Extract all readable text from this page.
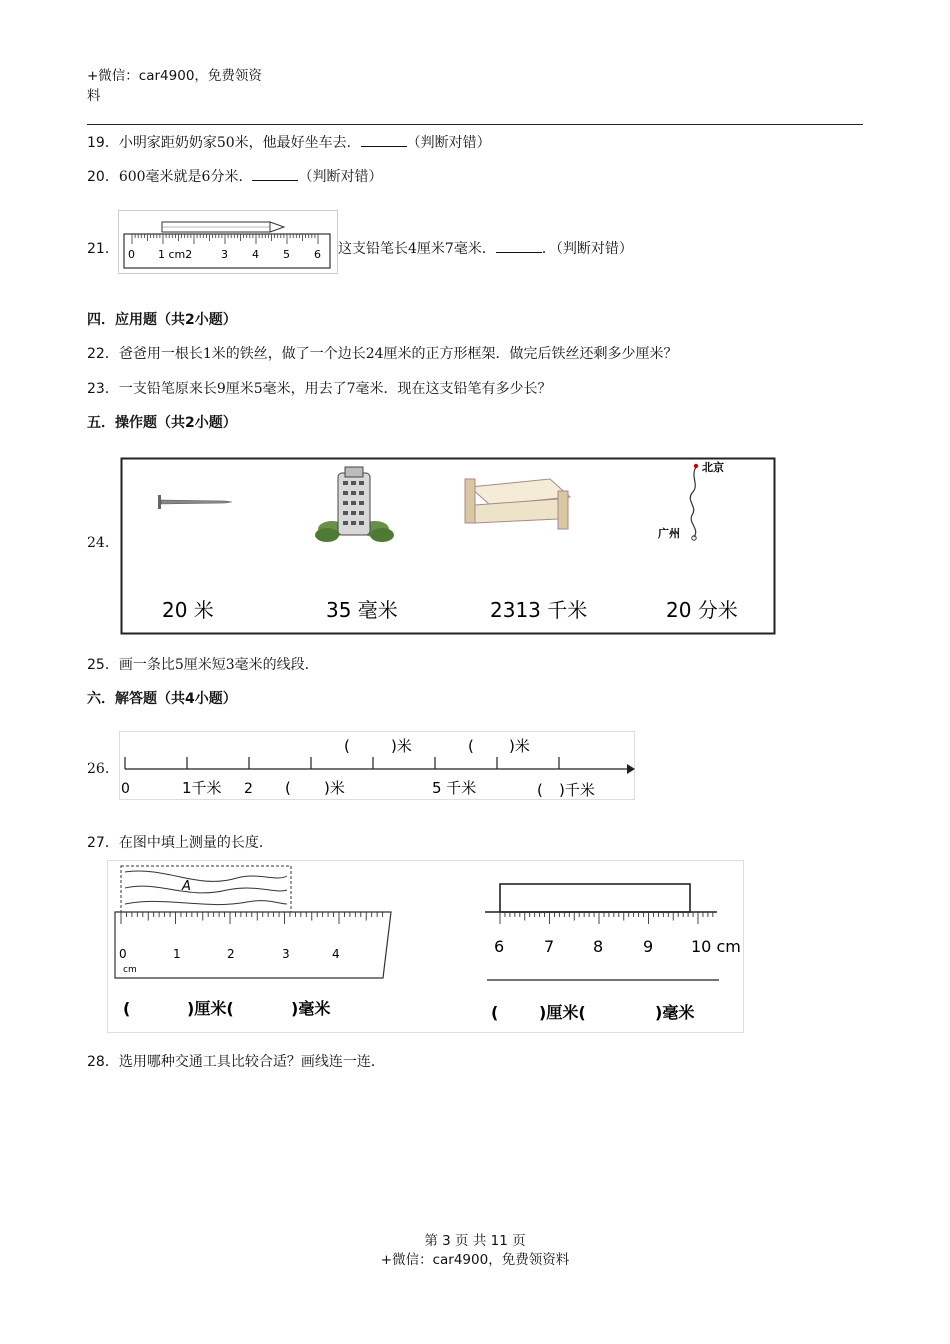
+微信：car4900，免费领资
料
19．小明家距奶奶家50米，他最好坐车去．	（判断对错）
20．600毫米就是6分米．	（判断对错）
21． 0 1 cm2	3 4 5 6 这支铅笔长4厘米7毫米．	．（判断对错）
四．应用题（共2小题）
22．爸爸用一根长1米的铁丝，做了一个边长24厘米的正方形框架．做完后铁丝还剩多少厘米？
23．一支铅笔原来长9厘米5毫米，用去了7毫米．现在这支铅笔有多少长？
五．操作题（共2小题）
24.
北京
广州
20 米	35 毫米	2313 千米	20 分米
25．画一条比5厘米短3毫米的线段．
六．解答题（共4小题）
26.
0	1千米 2 ( )米	5 千米	( )千米
(	)米	( )米
27．在图中填上测量的长度．
A
0	1	2	3	4
cm
(	)厘米(	)毫米
6 7 8 9 10 cm
(	)厘米(	)毫米
28．选用哪种交通工具比较合适？画线连一连．
第 3 页 共 11 页
+微信：car4900，免费领资料
